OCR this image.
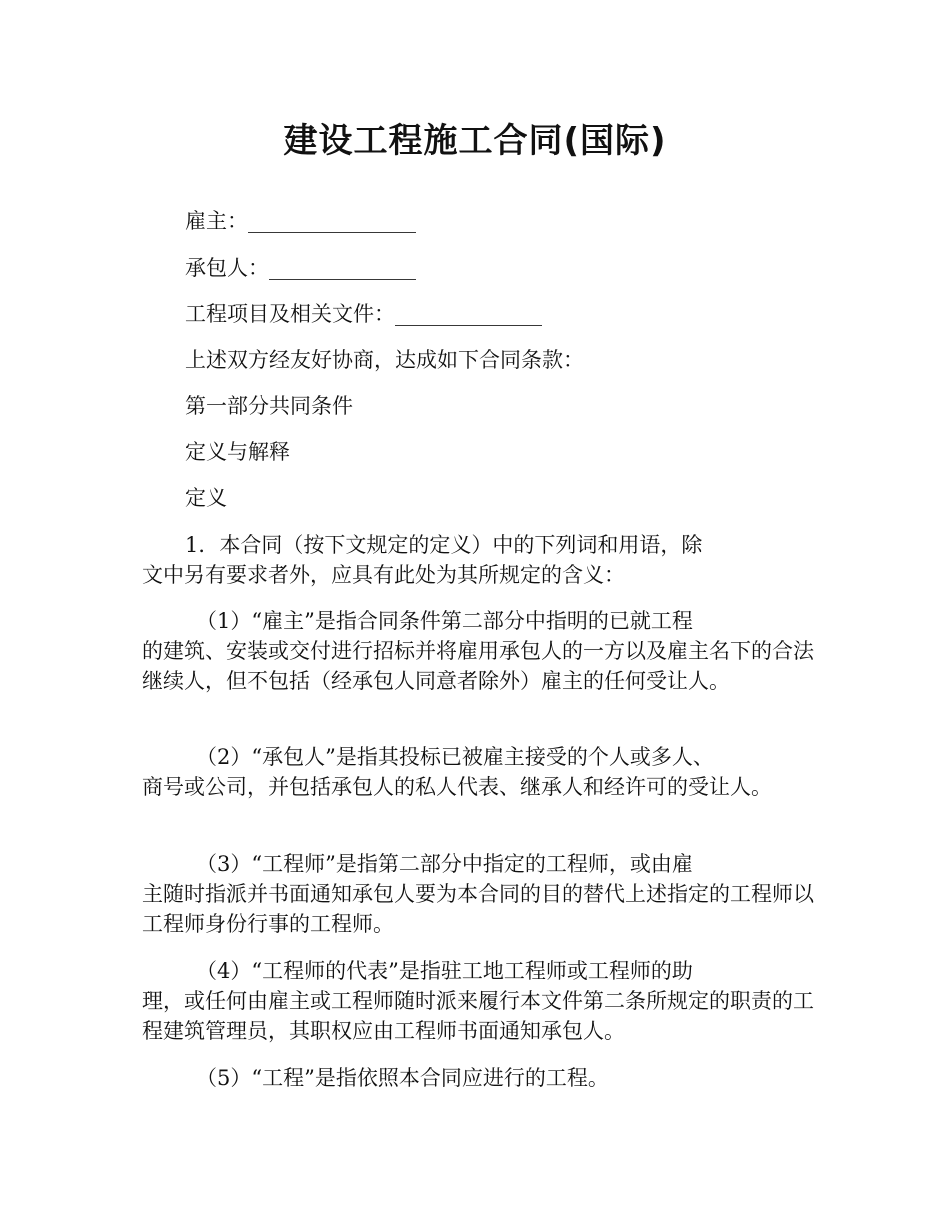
建设工程施工合同(国际)
雇主：________________
承包人：______________
工程项目及相关文件：______________
上述双方经友好协商，达成如下合同条款：
第一部分共同条件
定义与解释
定义
1．本合同（按下文规定的定义）中的下列词和用语，除
文中另有要求者外，应具有此处为其所规定的含义：
（1）“雇主”是指合同条件第二部分中指明的已就工程
的建筑、安装或交付进行招标并将雇用承包人的一方以及雇主名下的合法继续人，但不包括（经承包人同意者除外）雇主的任何受让人。
（2）“承包人”是指其投标已被雇主接受的个人或多人、
商号或公司，并包括承包人的私人代表、继承人和经许可的受让人。
（3）“工程师”是指第二部分中指定的工程师，或由雇
主随时指派并书面通知承包人要为本合同的目的替代上述指定的工程师以工程师身份行事的工程师。
（4）“工程师的代表”是指驻工地工程师或工程师的助
理，或任何由雇主或工程师随时派来履行本文件第二条所规定的职责的工程建筑管理员，其职权应由工程师书面通知承包人。
（5）“工程”是指依照本合同应进行的工程。
